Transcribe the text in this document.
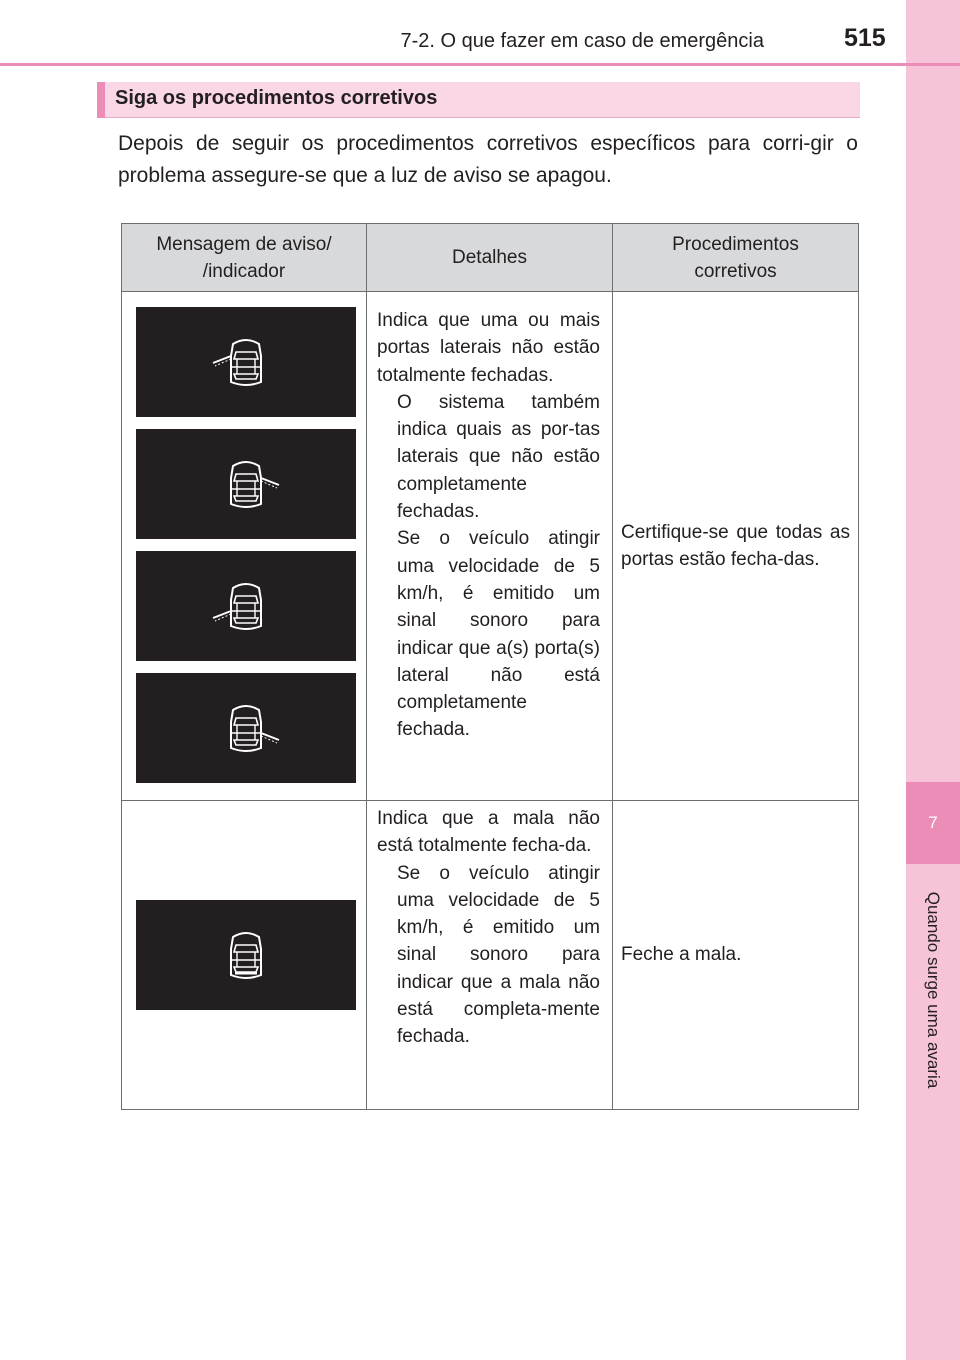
7
Quando surge uma avaria
7-2. O que fazer em caso de emergência	515
Siga os procedimentos corretivos

Depois de seguir os procedimentos corretivos específicos para corri-gir o problema assegure-se que a luz de aviso se apagou.

Mensagem de aviso/
/indicador	Detalhes	Procedimentos
corretivos

Indica que uma ou mais portas laterais não estão totalmente fechadas.

O sistema também indica quais as por-tas laterais que não estão completamente fechadas.

Se o veículo atingir uma velocidade de 5 km/h, é emitido um sinal sonoro para indicar que a(s) porta(s) lateral não está completamente fechada.	Certifique-se que todas as portas estão fecha-das.

Indica que a mala não está totalmente fecha-da.

Se o veículo atingir uma velocidade de 5 km/h, é emitido um sinal sonoro para indicar que a mala não está completa-mente fechada.	Feche a mala.
